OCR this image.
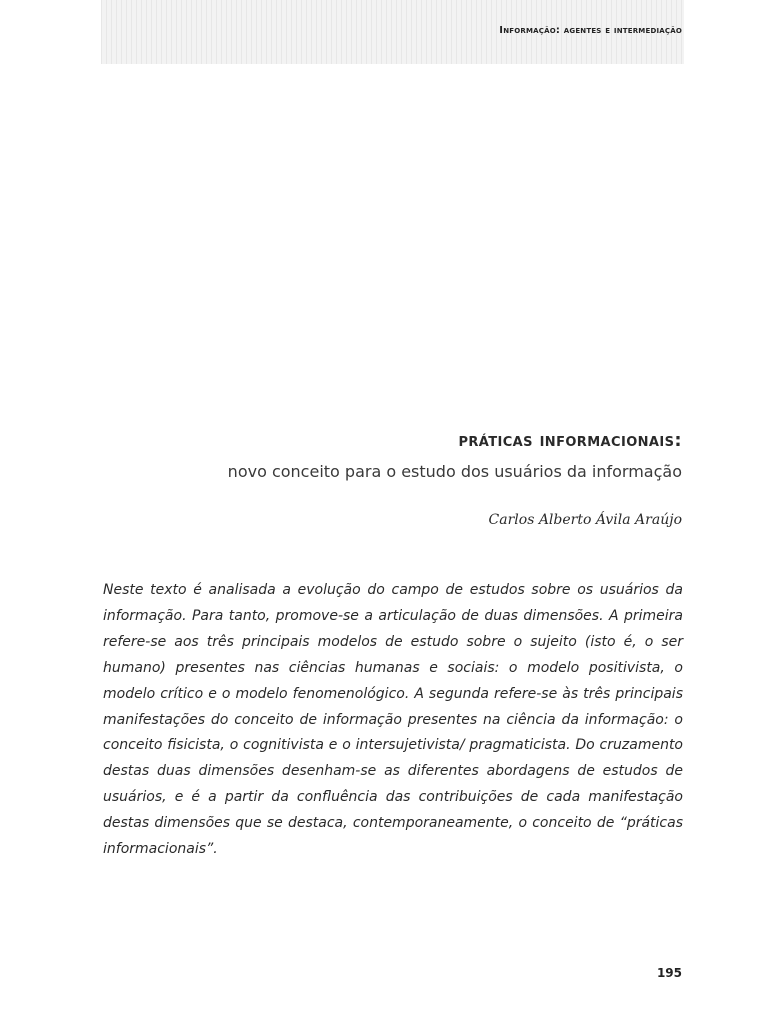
Informação: agentes e intermediação
práticas informacionais:
novo conceito para o estudo dos usuários da informação
Carlos Alberto Ávila Araújo

Neste texto é analisada a evolução do campo de estudos sobre os usuários da informação. Para tanto, promove-se a articulação de duas dimensões. A primeira refere-se aos três principais modelos de estudo sobre o sujeito (isto é, o ser humano) presentes nas ciências humanas e sociais: o modelo positivista, o modelo crítico e o modelo fenomenológico. A segunda refere-se às três principais manifestações do conceito de informação presentes na ciência da informação: o conceito fisicista, o cognitivista e o intersujetivista/ pragmaticista. Do cruzamento destas duas dimensões desenham-se as diferentes abordagens de estudos de usuários, e é a partir da confluência das contribuições de cada manifestação destas dimensões que se destaca, contemporaneamente, o conceito de “práticas informacionais”.

195
